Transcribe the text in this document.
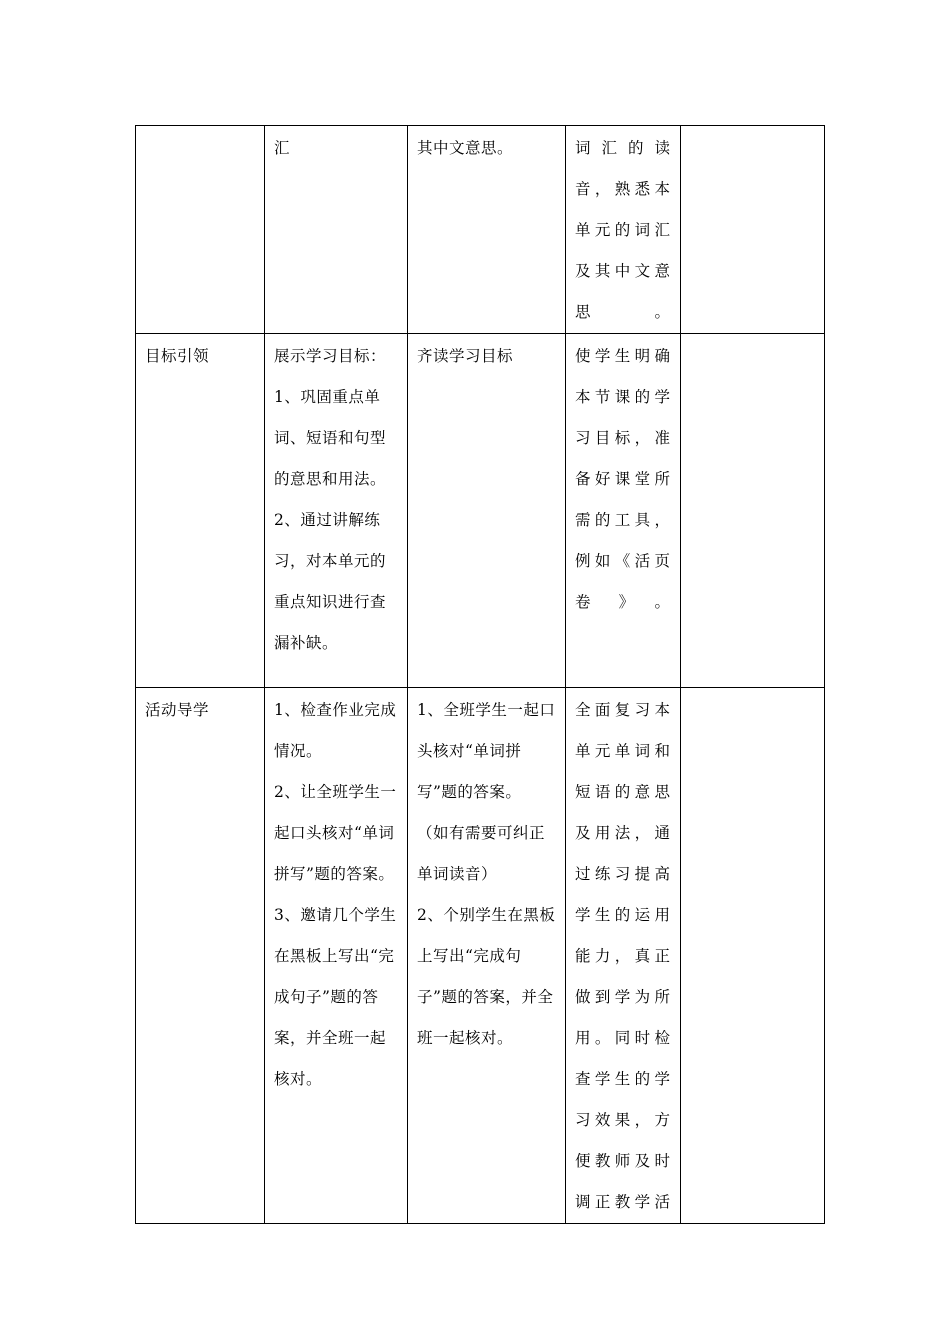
	汇	其中文意思。	词汇的读音，熟悉本单元的词汇及其中文意思。	

目标引领	展示学习目标：
1、巩固重点单词、短语和句型的意思和用法。
2、通过讲解练习，对本单元的重点知识进行查漏补缺。	齐读学习目标	使学生明确本节课的学习目标，准备好课堂所需的工具，例如《活页卷》。	

活动导学	1、检查作业完成情况。
2、让全班学生一起口头核对“单词拼写”题的答案。
3、邀请几个学生在黑板上写出“完成句子”题的答案，并全班一起核对。	1、全班学生一起口头核对“单词拼写”题的答案。
（如有需要可纠正单词读音）
2、个别学生在黑板上写出“完成句子”题的答案，并全班一起核对。	全面复习本单元单词和短语的意思及用法，通过练习提高学生的运用能力，真正做到学为所用。同时检查学生的学习效果，方便教师及时调正教学活	
